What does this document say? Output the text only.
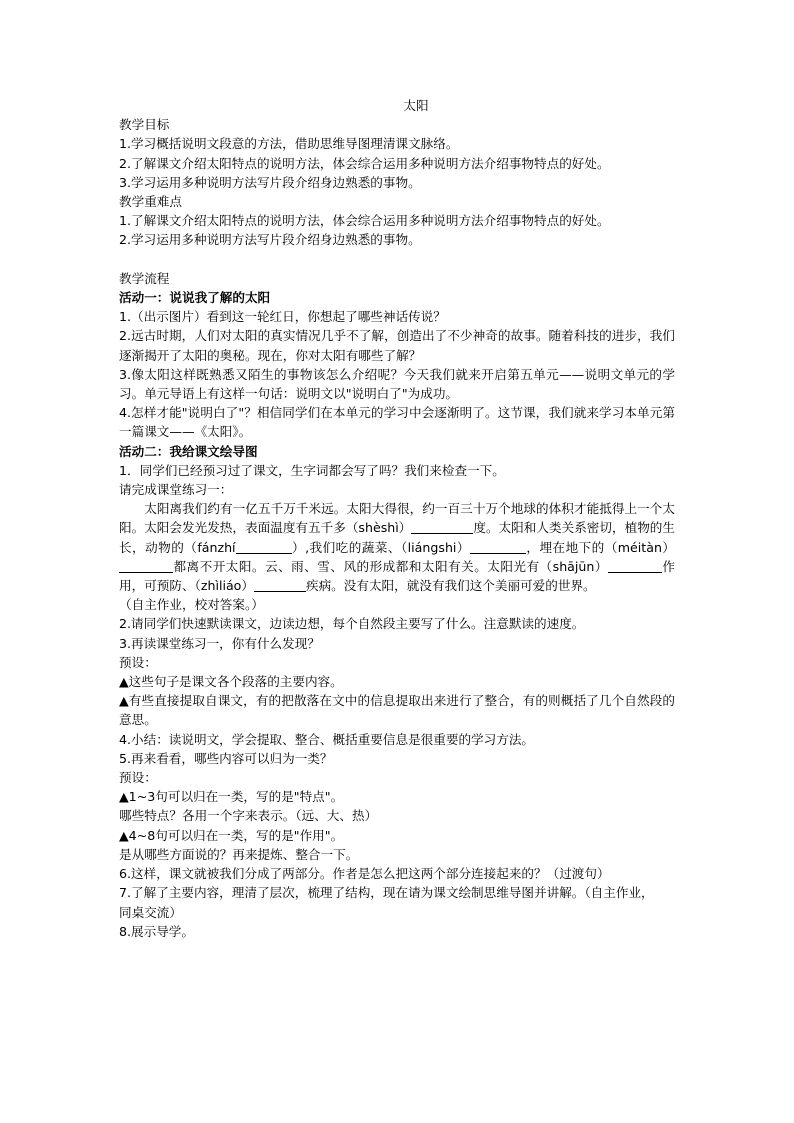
太阳
教学目标
1.学习概括说明文段意的方法，借助思维导图理清课文脉络。
2.了解课文介绍太阳特点的说明方法，体会综合运用多种说明方法介绍事物特点的好处。
3.学习运用多种说明方法写片段介绍身边熟悉的事物。
教学重难点
1.了解课文介绍太阳特点的说明方法，体会综合运用多种说明方法介绍事物特点的好处。
2.学习运用多种说明方法写片段介绍身边熟悉的事物。
教学流程
活动一：说说我了解的太阳
1.（出示图片）看到这一轮红日，你想起了哪些神话传说？
2.远古时期，人们对太阳的真实情况几乎不了解，创造出了不少神奇的故事。随着科技的进步，我们逐渐揭开了太阳的奥秘。现在，你对太阳有哪些了解？
3.像太阳这样既熟悉又陌生的事物该怎么介绍呢？今天我们就来开启第五单元——说明文单元的学习。单元导语上有这样一句话：说明文以"说明白了"为成功。
4.怎样才能"说明白了"？相信同学们在本单元的学习中会逐渐明了。这节课，我们就来学习本单元第一篇课文——《太阳》。
活动二：我给课文绘导图
1．同学们已经预习过了课文，生字词都会写了吗？我们来检查一下。
请完成课堂练习一：
太阳离我们约有一亿五千万千米远。太阳大得很，约一百三十万个地球的体积才能抵得上一个太阳。太阳会发光发热，表面温度有五千多（shèshì）	度。太阳和人类关系密切，植物的生长，动物的（fánzhí	）,我们吃的蔬菜、（liángshi）	，埋在地下的（méitàn）都离不开太阳。云、雨、雪、风的形成都和太阳有关。太阳光有（shājūn）	作用，可预防、（zhìliáo）	疾病。没有太阳，就没有我们这个美丽可爱的世界。
（自主作业，校对答案。）
2.请同学们快速默读课文，边读边想，每个自然段主要写了什么。注意默读的速度。
3.再读课堂练习一，你有什么发现？
预设：
▲这些句子是课文各个段落的主要内容。
▲有些直接提取自课文，有的把散落在文中的信息提取出来进行了整合，有的则概括了几个自然段的意思。
4.小结：读说明文，学会提取、整合、概括重要信息是很重要的学习方法。
5.再来看看，哪些内容可以归为一类？
预设：
▲1~3句可以归在一类，写的是"特点"。
哪些特点？各用一个字来表示。（远、大、热）
▲4~8句可以归在一类，写的是"作用"。
是从哪些方面说的？再来提炼、整合一下。
6.这样，课文就被我们分成了两部分。作者是怎么把这两个部分连接起来的？（过渡句）
7.了解了主要内容，理清了层次，梳理了结构，现在请为课文绘制思维导图并讲解。（自主作业，
同桌交流）
8.展示导学。
